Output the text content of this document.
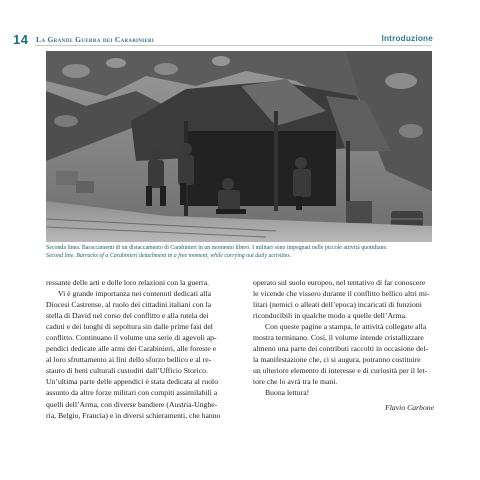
14 La Grande Guerra dei Carabinieri	Introduzione
Seconda linea. Baraccamenti di un distaccamento di Carabinieri in un momento libero. I militari sono impegnati nelle piccole attività quotidiane.
Second line. Barracks of a Carabinieri detachment in a free moment, while carrying out daily activities.

ressante delle arti e delle loro relazioni con la guerra.

Vi è grande importanza nei contenuti dedicati alla
Diocesi Castrense, al ruolo dei cittadini italiani con la
stella di David nel corso del conflitto e alla tutela dei
caduti e dei luoghi di sepoltura sin dalle prime fasi del
conflitto. Continuano il volume una serie di agevoli ap-
pendici dedicate alle armi dei Carabinieri, alle foreste e
al loro sfruttamento ai fini dello sforzo bellico e al re-
stauro di beni culturali custoditi dall’Ufficio Storico.
Un’ultima parte delle appendici è stata dedicata al ruolo
assunto da altre forze militari con compiti assimilabili a
quelli dell’Arma, con diverse bandiere (Austria-Unghe-
ria, Belgio, Francia) e in diversi schieramenti, che hanno

operato sul suolo europeo, nel tentativo di far conoscere
le vicende che vissero durante il conflitto bellico altri mi-
litari (nemici o alleati dell’epoca) incaricati di funzioni
riconducibili in qualche modo a quelle dell’Arma.

Con queste pagine a stampa, le attività collegate alla
mostra terminano. Così, il volume intende cristallizzare
almeno una parte dei contributi raccolti in occasione del-
la manifestazione che, ci si augura, potranno costituire
un ulteriore elemento di interesse e di curiosità per il let-
tore che lo avrà tra le mani.

Buona lettura!
Flavio Carbone
